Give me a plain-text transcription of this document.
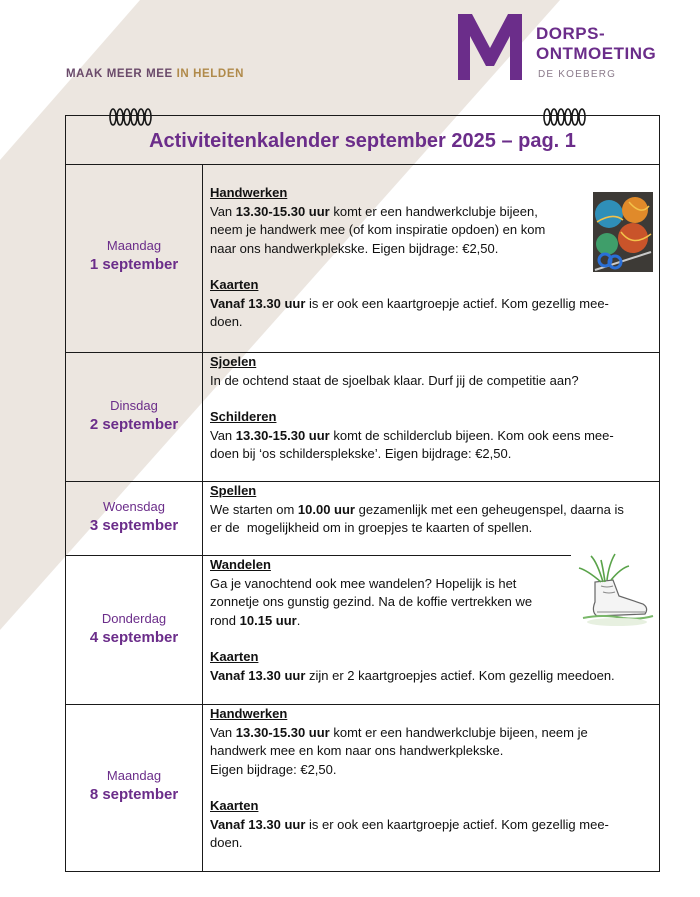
MAAK MEER MEE IN HELDEN
DORPS-
ONTMOETING
DE KOEBERG
Activiteitenkalender september 2025 – pag. 1
Maandag
1 september
Handwerken
Van 13.30-15.30 uur komt er een handwerkclubje bijeen,
neem je handwerk mee (of kom inspiratie opdoen) en kom
naar ons handwerkplekske. Eigen bijdrage: €2,50.
Kaarten
Vanaf 13.30 uur is er ook een kaartgroepje actief. Kom gezellig mee-
doen.
Dinsdag
2 september
Sjoelen
In de ochtend staat de sjoelbak klaar. Durf jij de competitie aan?
Schilderen
Van 13.30-15.30 uur komt de schilderclub bijeen. Kom ook eens mee-
doen bij ‘os schildersplekske’. Eigen bijdrage: €2,50.
Woensdag
3 september
Spellen
We starten om 10.00 uur gezamenlijk met een geheugenspel, daarna is
er de  mogelijkheid om in groepjes te kaarten of spellen.
Donderdag
4 september
Wandelen
Ga je vanochtend ook mee wandelen? Hopelijk is het
zonnetje ons gunstig gezind. Na de koffie vertrekken we
rond 10.15 uur.
Kaarten
Vanaf 13.30 uur zijn er 2 kaartgroepjes actief. Kom gezellig meedoen.
Maandag
8 september
Handwerken
Van 13.30-15.30 uur komt er een handwerkclubje bijeen, neem je
handwerk mee en kom naar ons handwerkplekske.
Eigen bijdrage: €2,50.
Kaarten
Vanaf 13.30 uur is er ook een kaartgroepje actief. Kom gezellig mee-
doen.
